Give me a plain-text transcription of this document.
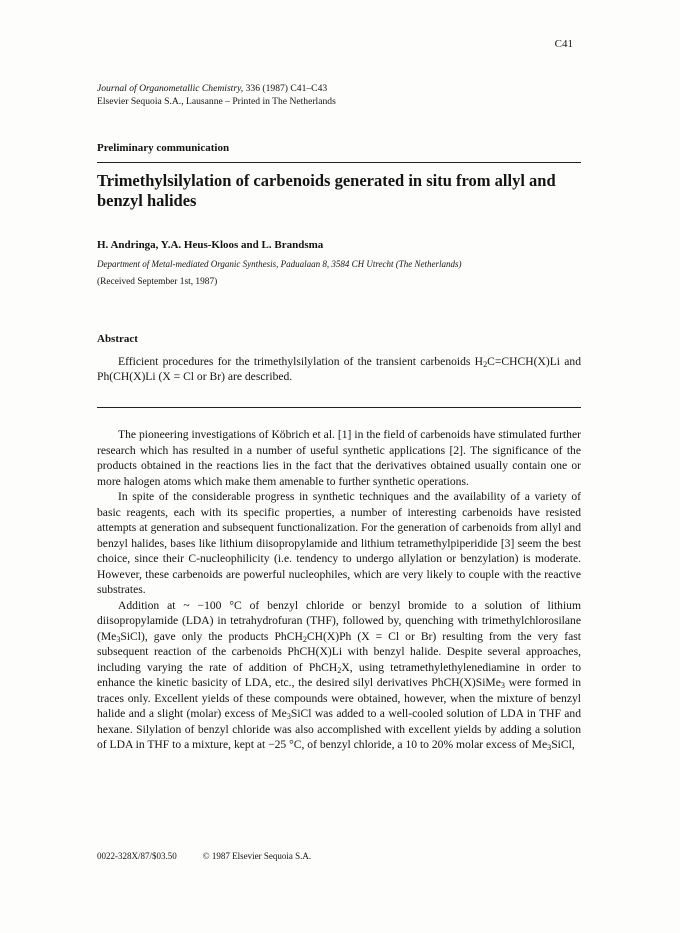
C41
Journal of Organometallic Chemistry, 336 (1987) C41–C43
Elsevier Sequoia S.A., Lausanne – Printed in The Netherlands
Preliminary communication
Trimethylsilylation of carbenoids generated in situ from allyl and benzyl halides
H. Andringa, Y.A. Heus-Kloos and L. Brandsma
Department of Metal-mediated Organic Synthesis, Padualaan 8, 3584 CH Utrecht (The Netherlands)
(Received September 1st, 1987)
Abstract

Efficient procedures for the trimethylsilylation of the transient carbenoids $H_2C=CHCH(X)Li$ and Ph(CH(X)Li (X = Cl or Br) are described.

The pioneering investigations of Köbrich et al. [1] in the field of carbenoids have stimulated further research which has resulted in a number of useful synthetic applications [2]. The significance of the products obtained in the reactions lies in the fact that the derivatives obtained usually contain one or more halogen atoms which make them amenable to further synthetic operations.

In spite of the considerable progress in synthetic techniques and the availability of a variety of basic reagents, each with its specific properties, a number of interesting carbenoids have resisted attempts at generation and subsequent functionalization. For the generation of carbenoids from allyl and benzyl halides, bases like lithium diisopropylamide and lithium tetramethylpiperidide [3] seem the best choice, since their C-nucleophilicity (i.e. tendency to undergo allylation or benzylation) is moderate. However, these carbenoids are powerful nucleophiles, which are very likely to couple with the reactive substrates.

Addition at ~ −100 °C of benzyl chloride or benzyl bromide to a solution of lithium diisopropylamide (LDA) in tetrahydrofuran (THF), followed by, quenching with trimethylchlorosilane $(Me_3SiCl)$, gave only the products PhCH$_2$CH(X)Ph (X = Cl or Br) resulting from the very fast subsequent reaction of the carbenoids PhCH(X)Li with benzyl halide. Despite several approaches, including varying the rate of addition of PhCH$_2$X, using tetramethylethylenediamine in order to enhance the kinetic basicity of LDA, etc., the desired silyl derivatives PhCH(X)SiMe$_3$ were formed in traces only. Excellent yields of these compounds were obtained, however, when the mixture of benzyl halide and a slight (molar) excess of $Me_3SiCl$ was added to a well-cooled solution of LDA in THF and hexane. Silylation of benzyl chloride was also accomplished with excellent yields by adding a solution of LDA in THF to a mixture, kept at −25 °C, of benzyl chloride, a 10 to 20% molar excess of $Me_3SiCl$,

0022-328X/87/$03.50	© 1987 Elsevier Sequoia S.A.
